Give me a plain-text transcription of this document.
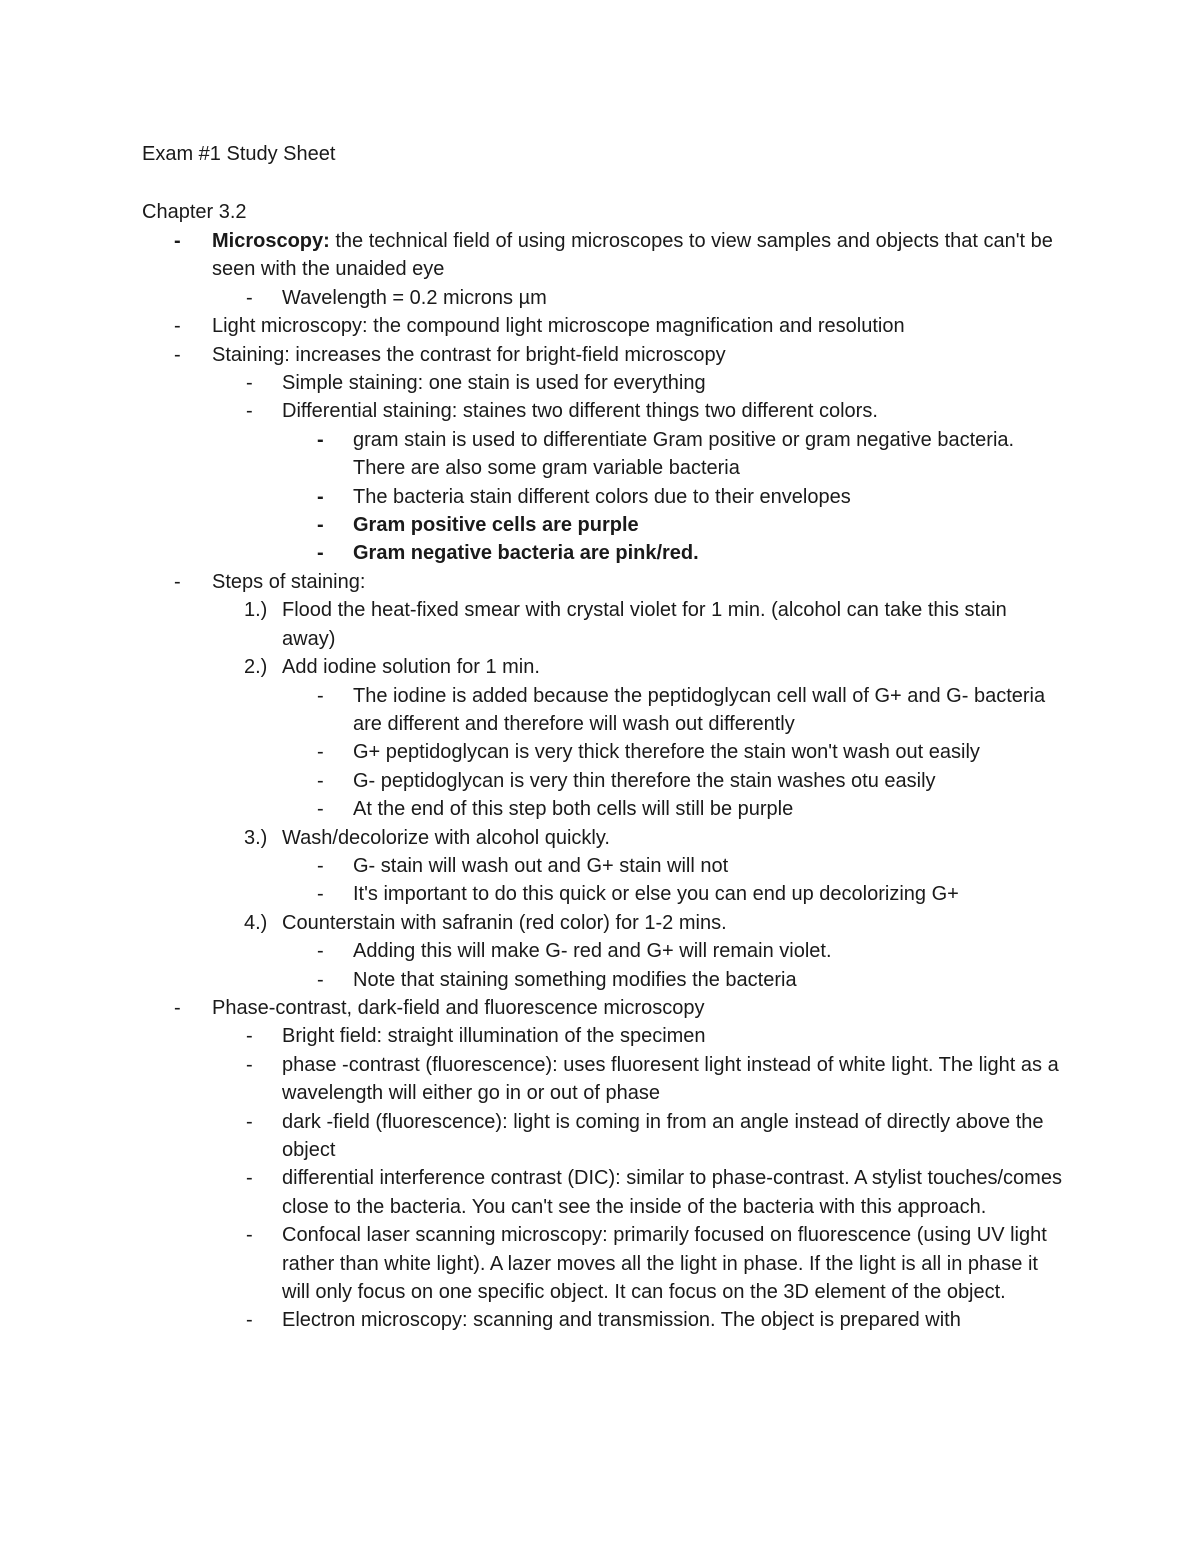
Exam #1 Study Sheet
Chapter 3.2
- Microscopy: the technical field of using microscopes to view samples and objects that can't be seen with the unaided eye
- Wavelength = 0.2 microns µm
- Light microscopy: the compound light microscope magnification and resolution
- Staining: increases the contrast for bright-field microscopy
- Simple staining: one stain is used for everything
- Differential staining: staines two different things two different colors.
- gram stain is used to differentiate Gram positive or gram negative bacteria. There are also some gram variable bacteria
- The bacteria stain different colors due to their envelopes
- Gram positive cells are purple
- Gram negative bacteria are pink/red.
- Steps of staining:
1.) Flood the heat-fixed smear with crystal violet for 1 min. (alcohol can take this stain away)
2.) Add iodine solution for 1 min.
- The iodine is added because the peptidoglycan cell wall of G+ and G- bacteria are different and therefore will wash out differently
- G+ peptidoglycan is very thick therefore the stain won't wash out easily
- G- peptidoglycan is very thin therefore the stain washes otu easily
- At the end of this step both cells will still be purple
3.) Wash/decolorize with alcohol quickly.
- G- stain will wash out and G+ stain will not
- It's important to do this quick or else you can end up decolorizing G+
4.) Counterstain with safranin (red color) for 1-2 mins.
- Adding this will make G- red and G+ will remain violet.
- Note that staining something modifies the bacteria
- Phase-contrast, dark-field and fluorescence microscopy
- Bright field: straight illumination of the specimen
- phase -contrast (fluorescence): uses fluoresent light instead of white light. The light as a wavelength will either go in or out of phase
- dark -field (fluorescence): light is coming in from an angle instead of directly above the object
- differential interference contrast (DIC): similar to phase-contrast. A stylist touches/comes close to the bacteria. You can't see the inside of the bacteria with this approach.
- Confocal laser scanning microscopy: primarily focused on fluorescence (using UV light rather than white light). A lazer moves all the light in phase. If the light is all in phase it will only focus on one specific object. It can focus on the 3D element of the object.
- Electron microscopy: scanning and transmission. The object is prepared with
